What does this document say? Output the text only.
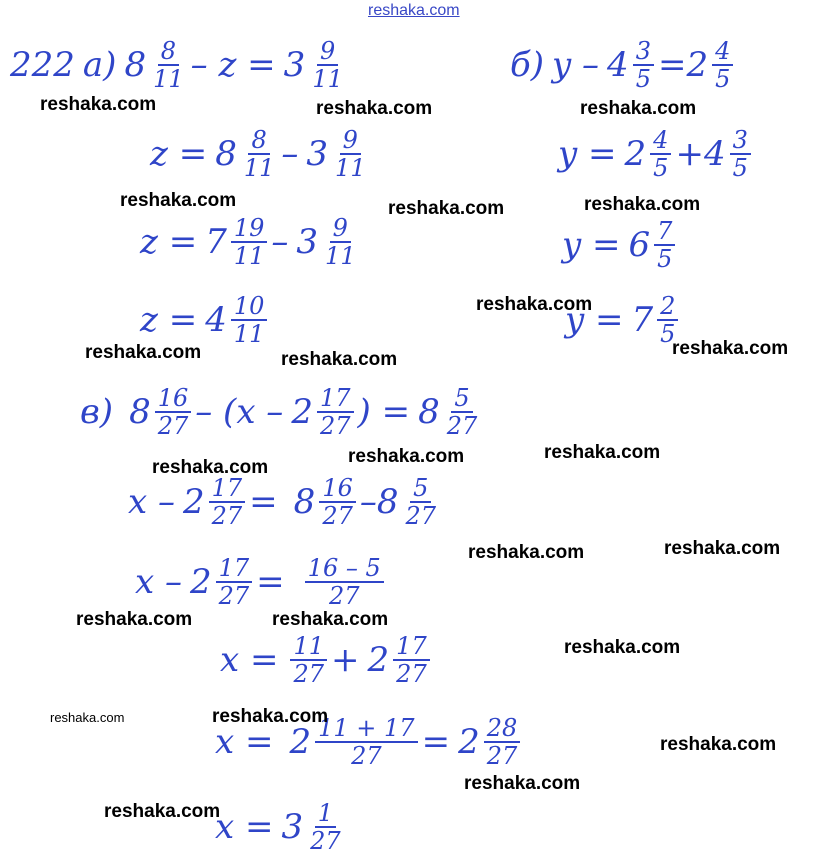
reshaka.com
222 а) $8 \frac{8}{11} - z = 3 \frac{9}{11}$
$z = 8 \frac{8}{11} - 3 \frac{9}{11}$
$z = 7 \frac{19}{11} - 3 \frac{9}{11}$
$z = 4 \frac{10}{11}$
б) $y - 4 \frac{3}{5} = 2 \frac{4}{5}$
$y = 2 \frac{4}{5} + 4 \frac{3}{5}$
$y = 6 \frac{7}{5}$
$y = 7 \frac{2}{5}$
в) $8 \frac{16}{27} - (x - 2 \frac{17}{27}$ ) = $8 \frac{5}{27}$
$x - 2 \frac{17}{27} = 8 \frac{16}{27} - 8 \frac{5}{27}$
$x - 2 \frac{17}{27} = \frac{16 - 5}{27}$
$x = \frac{11}{27} + 2 \frac{17}{27}$
$x = 2 \frac{11 + 17}{27} = 2 \frac{28}{27}$
$x = 3 \frac{1}{27}$
reshaka.com	reshaka.com	reshaka.com
reshaka.com	reshaka.com	reshaka.com
reshaka.com
reshaka.com	reshaka.com
reshaka.com
reshaka.com
reshaka.com	reshaka.com
reshaka.com	reshaka.com
reshaka.com	reshaka.com
reshaka.com
reshaka.com	reshaka.com
reshaka.com
reshaka.com
reshaka.com
